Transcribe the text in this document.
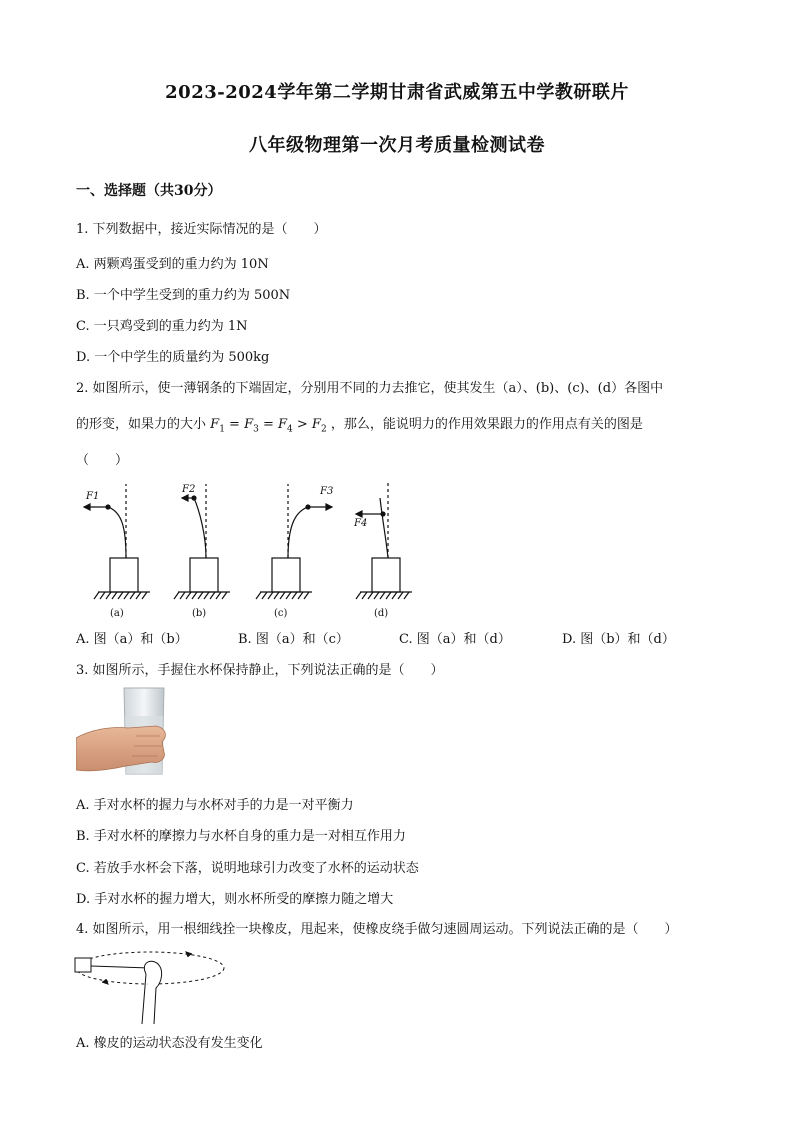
2023-2024学年第二学期甘肃省武威第五中学教研联片
八年级物理第一次月考质量检测试卷
一、选择题（共30分）
1. 下列数据中，接近实际情况的是（　　）
A. 两颗鸡蛋受到的重力约为 10N
B. 一个中学生受到的重力约为 500N
C. 一只鸡受到的重力约为 1N
D. 一个中学生的质量约为 500kg
2. 如图所示，使一薄钢条的下端固定，分别用不同的力去推它，使其发生（a）、(b)、(c)、(d）各图中
的形变，如果力的大小 $F_1 = F_3 = F_4 > F_2$ ，那么，能说明力的作用效果跟力的作用点有关的图是
（　　）
F1
F2	F3
F4
(a)	(b)	(c)	(d)
A. 图（a）和（b）	B. 图（a）和（c）	C. 图（a）和（d）	D. 图（b）和（d）
3. 如图所示，手握住水杯保持静止，下列说法正确的是（　　）
A. 手对水杯的握力与水杯对手的力是一对平衡力
B. 手对水杯的摩擦力与水杯自身的重力是一对相互作用力
C. 若放手水杯会下落，说明地球引力改变了水杯的运动状态
D. 手对水杯的握力增大，则水杯所受的摩擦力随之增大
4. 如图所示，用一根细线拴一块橡皮，甩起来，使橡皮绕手做匀速圆周运动。下列说法正确的是（　　）
A. 橡皮的运动状态没有发生变化
